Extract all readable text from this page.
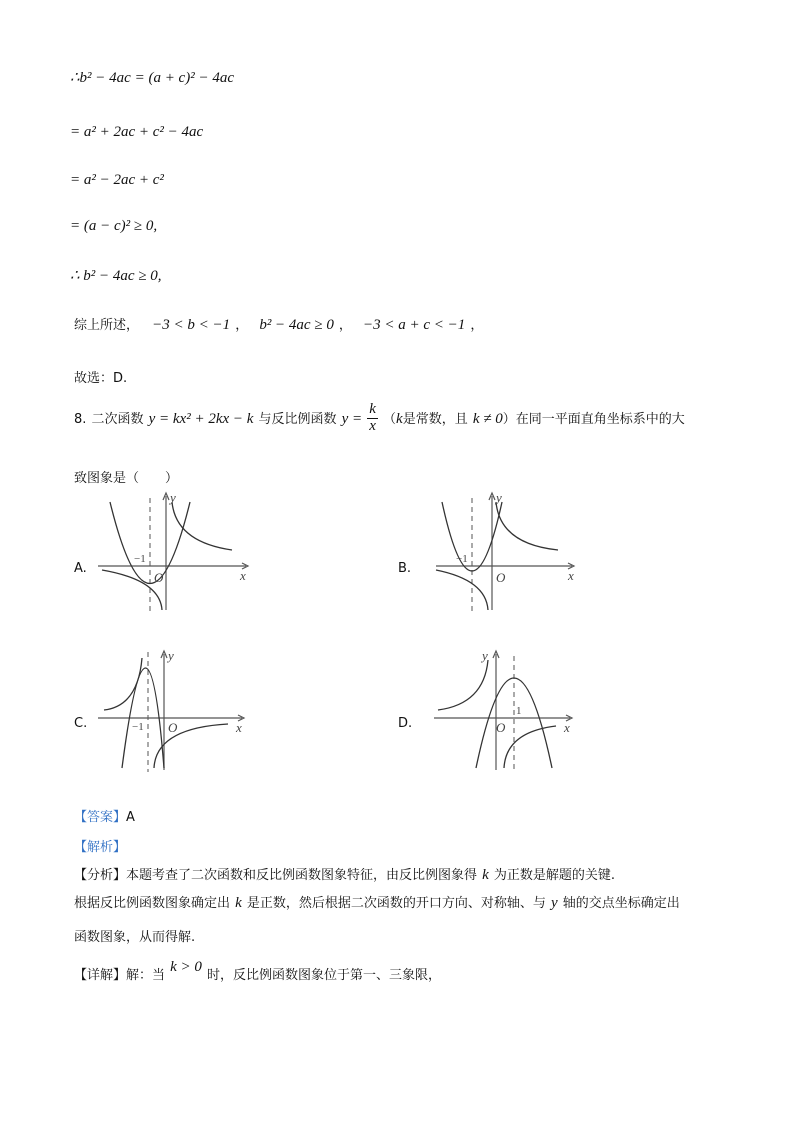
∴b² − 4ac = (a + c)² − 4ac
= a² + 2ac + c² − 4ac
= a² − 2ac + c²
= (a − c)² ≥ 0,
∴ b² − 4ac ≥ 0,
综上所述， −3 < b < −1 ， b² − 4ac ≥ 0 ， −3 < a + c < −1 ，
故选：D.
8. 二次函数 y = kx² + 2kx − k 与反比例函数 $y = \frac{k}{x} (k$是常数，且 k ≠ 0）在同一平面直角坐标系中的大
致图象是（　　）
A.	B.
C.	D.
y
x
O
−1
y
x
O
−1
y
x
O
−1
y
x
O
1
【答案】A
【解析】
【分析】本题考查了二次函数和反比例函数图象特征，由反比例图象得 k 为正数是解题的关键.
根据反比例函数图象确定出 k 是正数，然后根据二次函数的开口方向、对称轴、与 y 轴的交点坐标确定出
函数图象，从而得解.
【详解】解：当 k > 0 时，反比例函数图象位于第一、三象限，
